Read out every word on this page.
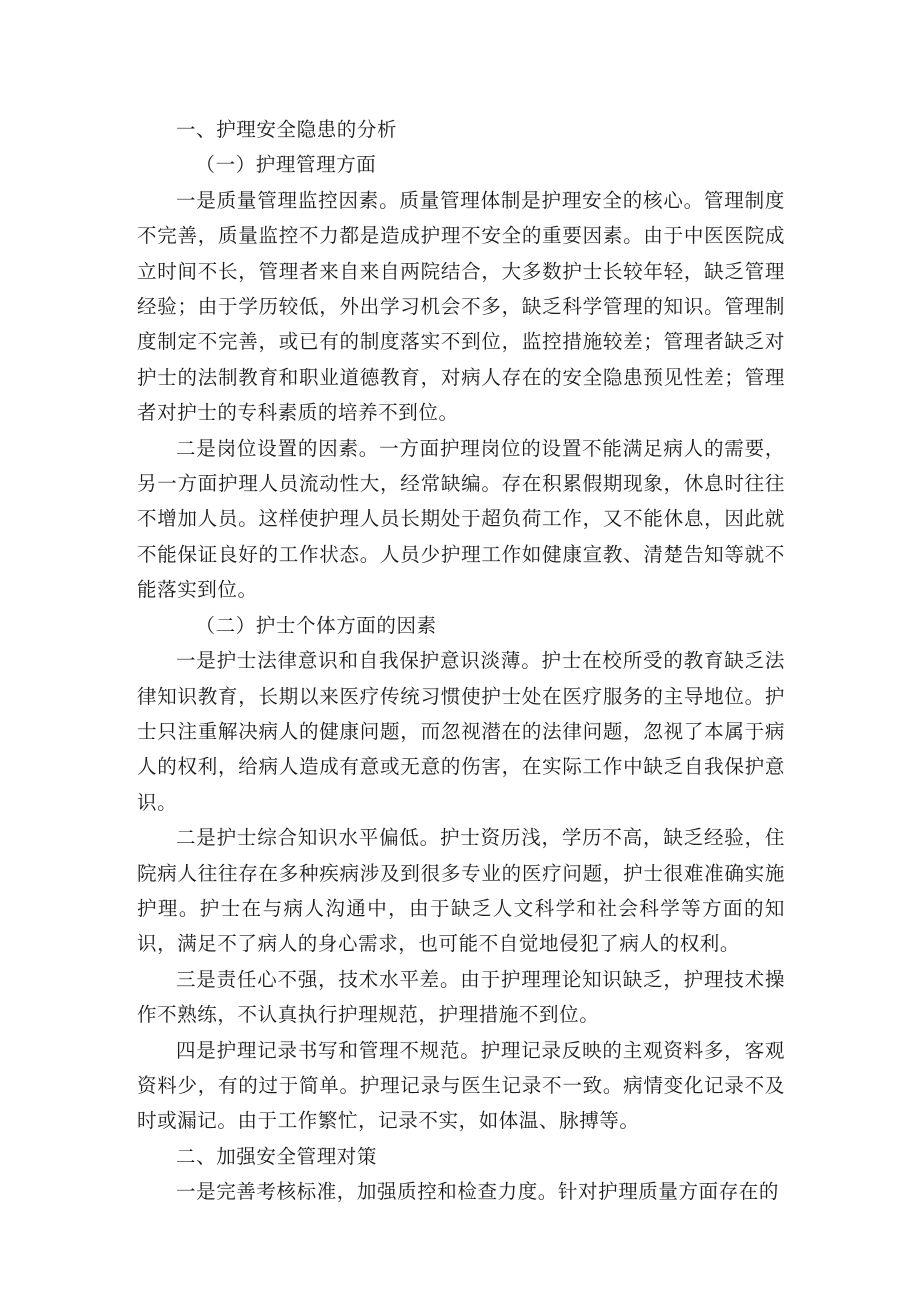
一、护理安全隐患的分析

（一）护理管理方面

一是质量管理监控因素。质量管理体制是护理安全的核心。管理制度不完善，质量监控不力都是造成护理不安全的重要因素。由于中医医院成立时间不长，管理者来自来自两院结合，大多数护士长较年轻，缺乏管理经验；由于学历较低，外出学习机会不多，缺乏科学管理的知识。管理制度制定不完善，或已有的制度落实不到位，监控措施较差；管理者缺乏对护士的法制教育和职业道德教育，对病人存在的安全隐患预见性差；管理者对护士的专科素质的培养不到位。

二是岗位设置的因素。一方面护理岗位的设置不能满足病人的需要，另一方面护理人员流动性大，经常缺编。存在积累假期现象，休息时往往不增加人员。这样使护理人员长期处于超负荷工作，又不能休息，因此就不能保证良好的工作状态。人员少护理工作如健康宣教、清楚告知等就不能落实到位。

（二）护士个体方面的因素

一是护士法律意识和自我保护意识淡薄。护士在校所受的教育缺乏法律知识教育，长期以来医疗传统习惯使护士处在医疗服务的主导地位。护士只注重解决病人的健康问题，而忽视潜在的法律问题，忽视了本属于病人的权利，给病人造成有意或无意的伤害，在实际工作中缺乏自我保护意识。

二是护士综合知识水平偏低。护士资历浅，学历不高，缺乏经验，住院病人往往存在多种疾病涉及到很多专业的医疗问题，护士很难准确实施护理。护士在与病人沟通中，由于缺乏人文科学和社会科学等方面的知识，满足不了病人的身心需求，也可能不自觉地侵犯了病人的权利。

三是责任心不强，技术水平差。由于护理理论知识缺乏，护理技术操作不熟练，不认真执行护理规范，护理措施不到位。

四是护理记录书写和管理不规范。护理记录反映的主观资料多，客观资料少，有的过于简单。护理记录与医生记录不一致。病情变化记录不及时或漏记。由于工作繁忙，记录不实，如体温、脉搏等。

二、加强安全管理对策

一是完善考核标准，加强质控和检查力度。针对护理质量方面存在的
